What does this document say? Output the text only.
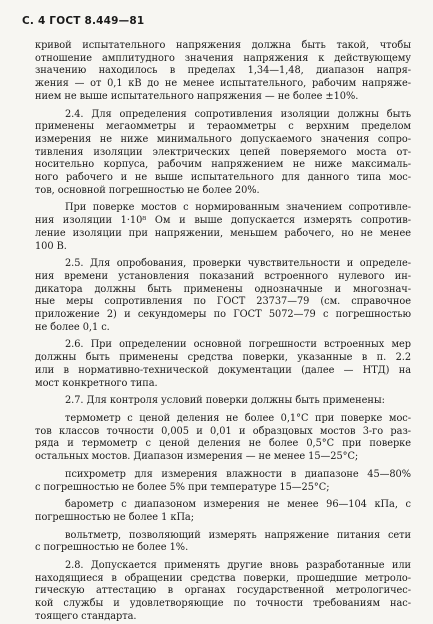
С. 4 ГОСТ 8.449—81
кривой испытательного напряжения должна быть такой, чтобы
отношение амплитудного значения напряжения к действующему
значению находилось в пределах 1,34—1,48, диапазон напря-
жения — от 0,1 кВ до не менее испытательного, рабочим напряже-
нием не выше испытательного напряжения — не более ±10%.
2.4. Для определения сопротивления изоляции должны быть
применены мегаомметры и тераомметры с верхним пределом
измерения не ниже минимального допускаемого значения сопро-
тивления изоляции электрических цепей поверяемого моста от-
носительно корпуса, рабочим напряжением не ниже максималь-
ного рабочего и не выше испытательного для данного типа мос-
тов, основной погрешностью не более 20%.
При поверке мостов с нормированным значением сопротивле-
ния изоляции 1·10⁸ Ом и выше допускается измерять сопротив-
ление изоляции при напряжении, меньшем рабочего, но не менее
100 В.
2.5. Для опробования, проверки чувствительности и определе-
ния времени установления показаний встроенного нулевого ин-
дикатора должны быть применены однозначные и многознач-
ные меры сопротивления по ГОСТ 23737—79 (см. справочное
приложение 2) и секундомеры по ГОСТ 5072—79 с погрешностью
не более 0,1 с.
2.6. При определении основной погрешности встроенных мер
должны быть применены средства поверки, указанные в п. 2.2
или в нормативно-технической документации (далее — НТД) на
мост конкретного типа.
2.7. Для контроля условий поверки должны быть применены:
термометр с ценой деления не более 0,1°С при поверке мос-
тов классов точности 0,005 и 0,01 и образцовых мостов 3-го раз-
ряда и термометр с ценой деления не более 0,5°С при поверке
остальных мостов. Диапазон измерения — не менее 15—25°С;
психрометр для измерения влажности в диапазоне 45—80%
с погрешностью не более 5% при температуре 15—25°С;
барометр с диапазоном измерения не менее 96—104 кПа, с
погрешностью не более 1 кПа;
вольтметр, позволяющий измерять напряжение питания сети
с погрешностью не более 1%.
2.8. Допускается применять другие вновь разработанные или
находящиеся в обращении средства поверки, прошедшие метроло-
гическую аттестацию в органах государственной метрологичес-
кой службы и удовлетворяющие по точности требованиям нас-
тоящего стандарта.
